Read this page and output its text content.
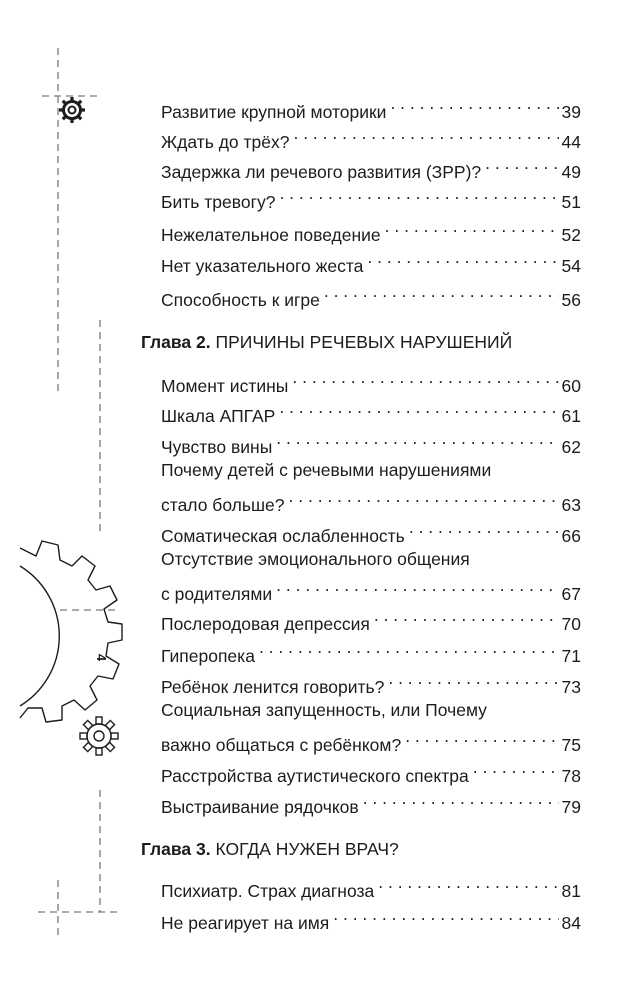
4
Развитие крупной моторики . . .	39
Ждать до трёх? . . .	44
Задержка ли речевого развития (ЗРР)? . . .	49
Бить тревогу? . . .	51
Нежелательное поведение . . .	52
Нет указательного жеста . . .	54
Способность к игре . . .	56
Глава 2. ПРИЧИНЫ РЕЧЕВЫХ НАРУШЕНИЙ
Момент истины . . .	60
Шкала АПГАР . . .	61
Чувство вины . . .	62
Почему детей с речевыми нарушениями
стало больше? . . .	63
Соматическая ослабленность . . .	66
Отсутствие эмоционального общения
с родителями . . .	67
Послеродовая депрессия . . .	70
Гиперопека . . .	71
Ребёнок ленится говорить? . . .	73
Социальная запущенность, или Почему
важно общаться с ребёнком? . . .	75
Расстройства аутистического спектра . . .	78
Выстраивание рядочков . . .	79
Глава 3. КОГДА НУЖЕН ВРАЧ?
Психиатр. Страх диагноза . . .	81
Не реагирует на имя . . .	84
